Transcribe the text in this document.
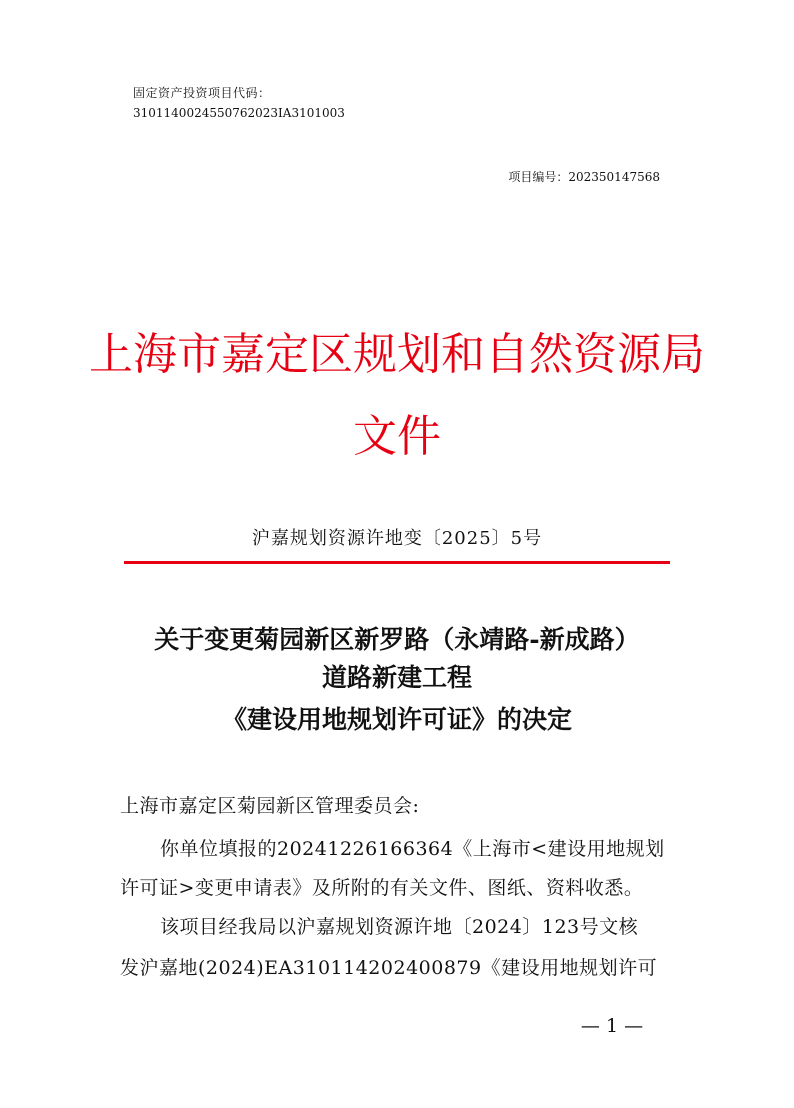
固定资产投资项目代码：
3101140024550762023IA3101003
项目编号：202350147568
上海市嘉定区规划和自然资源局
文件
沪嘉规划资源许地变〔2025〕5号
关于变更菊园新区新罗路（永靖路-新成路）
道路新建工程
《建设用地规划许可证》的决定
上海市嘉定区菊园新区管理委员会:
你单位填报的20241226166364《上海市<建设用地规划
许可证>变更申请表》及所附的有关文件、图纸、资料收悉。
该项目经我局以沪嘉规划资源许地〔2024〕123号文核
发沪嘉地(2024)EA310114202400879《建设用地规划许可
— 1 —
